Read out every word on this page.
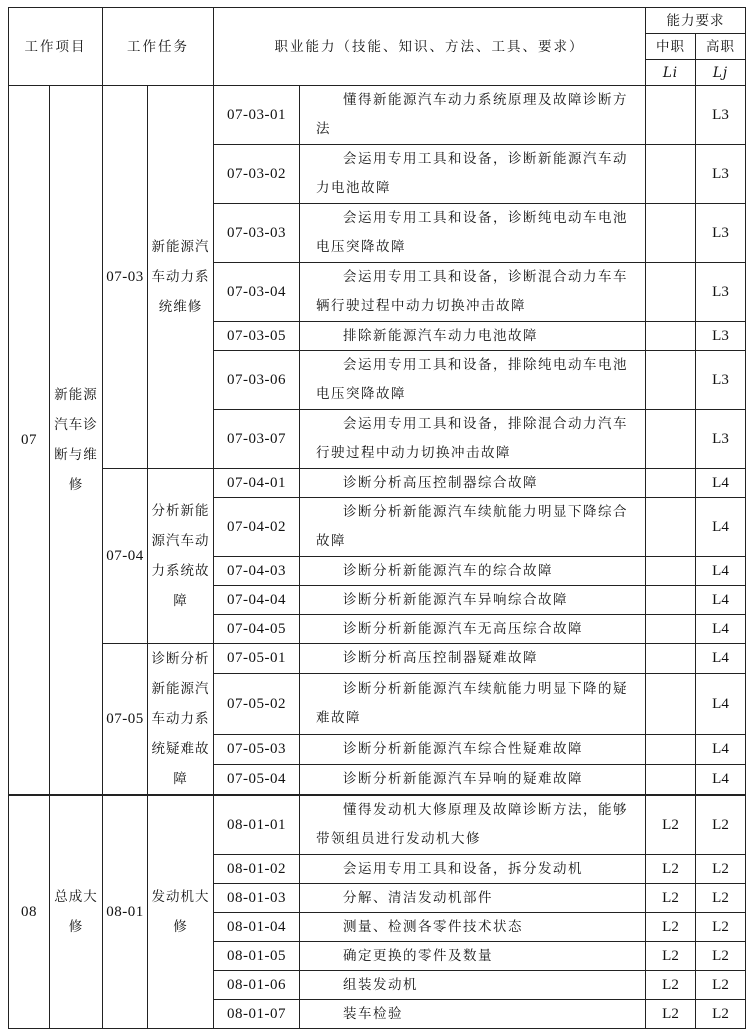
工作项目		工作任务		职业能力（技能、知识、方法、工具、要求）		能力要求	
						中职	高职
						Li	Lj
07	新能源汽车诊断与维修	07-03	新能源汽车动力系统维修	07-03-01	懂得新能源汽车动力系统原理及故障诊断方法		L3
				07-03-02	会运用专用工具和设备，诊断新能源汽车动力电池故障		L3
				07-03-03	会运用专用工具和设备，诊断纯电动车电池电压突降故障		L3
				07-03-04	会运用专用工具和设备，诊断混合动力车车辆行驶过程中动力切换冲击故障		L3
				07-03-05	排除新能源汽车动力电池故障		L3
				07-03-06	会运用专用工具和设备，排除纯电动车电池电压突降故障		L3
				07-03-07	会运用专用工具和设备，排除混合动力汽车行驶过程中动力切换冲击故障		L3
		07-04	分析新能源汽车动力系统故障	07-04-01	诊断分析高压控制器综合故障		L4
				07-04-02	诊断分析新能源汽车续航能力明显下降综合故障		L4
				07-04-03	诊断分析新能源汽车的综合故障		L4
				07-04-04	诊断分析新能源汽车异响综合故障		L4
				07-04-05	诊断分析新能源汽车无高压综合故障		L4
		07-05	诊断分析新能源汽车动力系统疑难故障	07-05-01	诊断分析高压控制器疑难故障		L4
				07-05-02	诊断分析新能源汽车续航能力明显下降的疑难故障		L4
				07-05-03	诊断分析新能源汽车综合性疑难故障		L4
				07-05-04	诊断分析新能源汽车异响的疑难故障		L4
08	总成大修	08-01	发动机大修	08-01-01	懂得发动机大修原理及故障诊断方法，能够带领组员进行发动机大修	L2	L2
				08-01-02	会运用专用工具和设备，拆分发动机	L2	L2
				08-01-03	分解、清洁发动机部件	L2	L2
				08-01-04	测量、检测各零件技术状态	L2	L2
				08-01-05	确定更换的零件及数量	L2	L2
				08-01-06	组装发动机	L2	L2
				08-01-07	装车检验	L2	L2
